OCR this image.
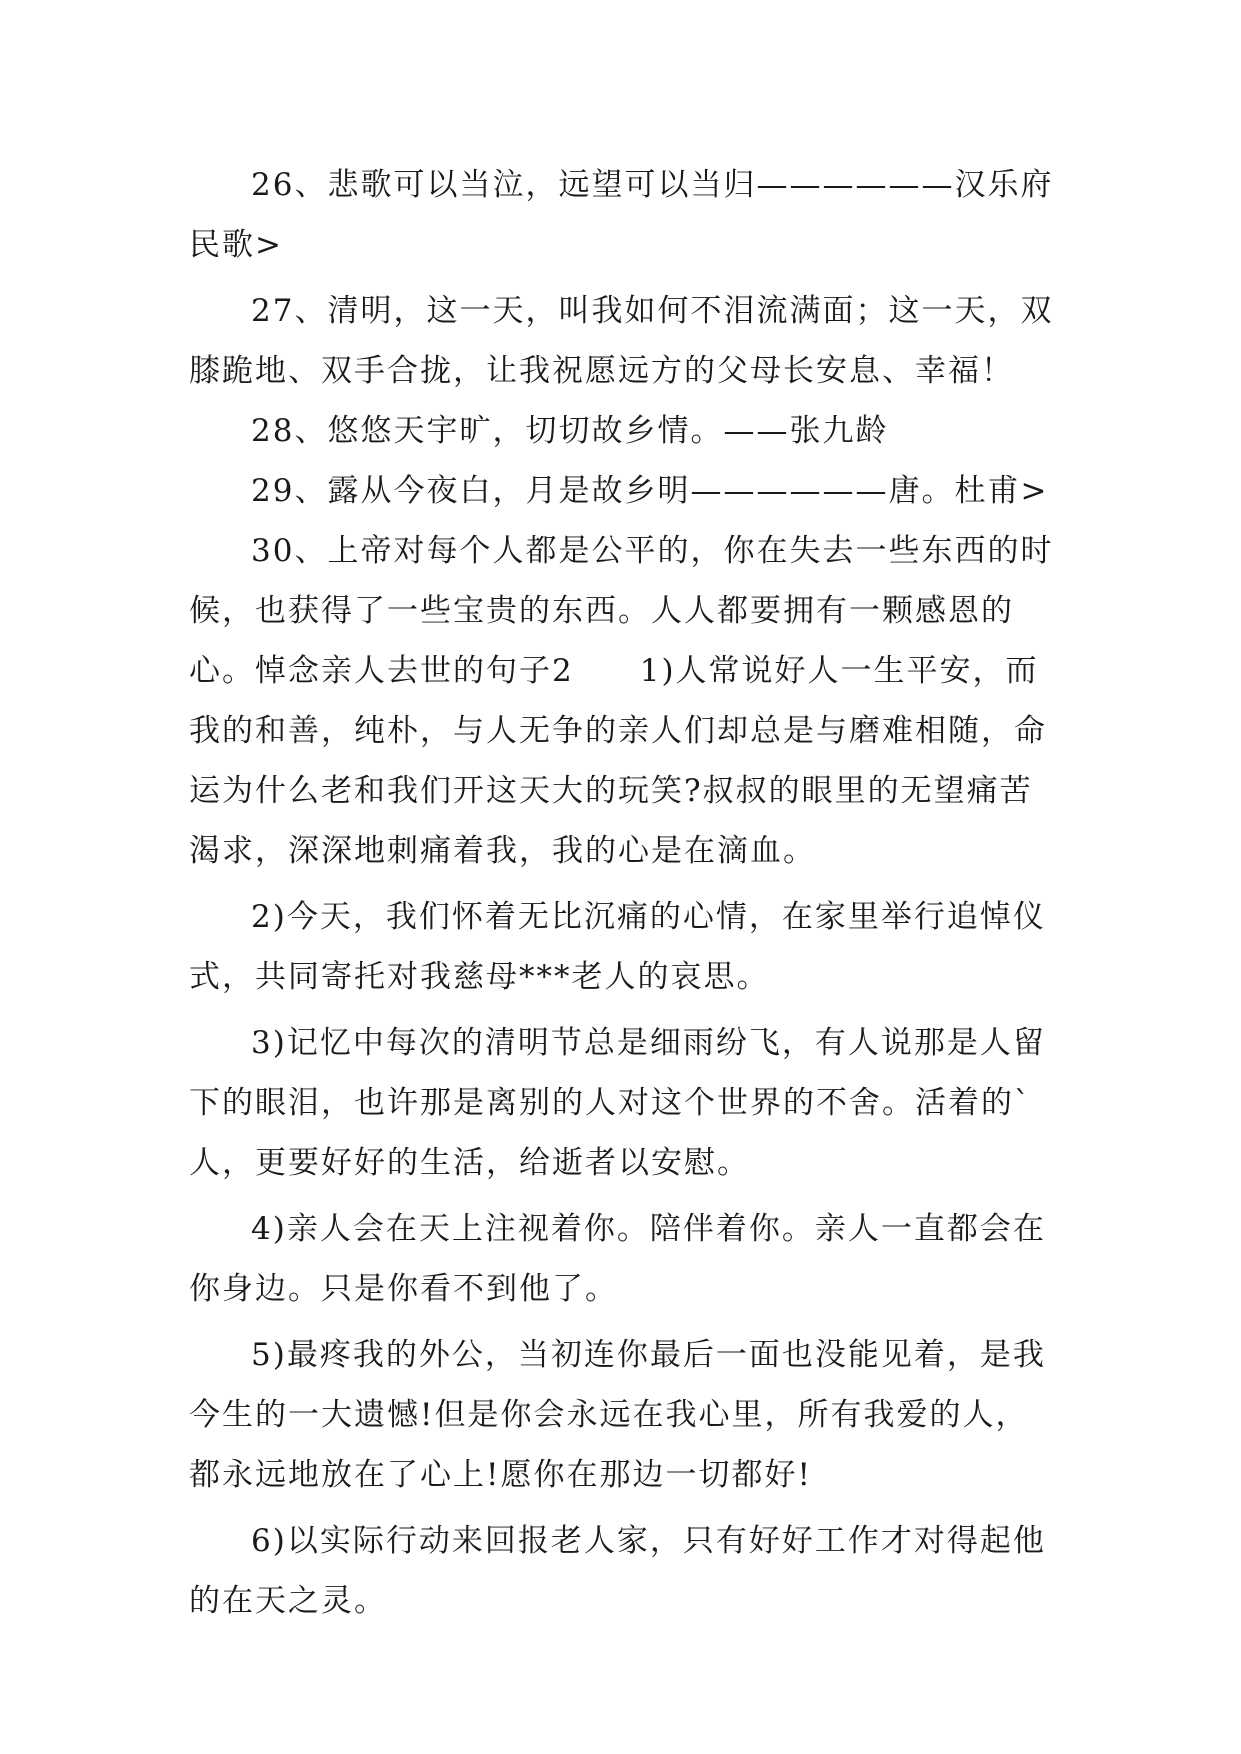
26、悲歌可以当泣，远望可以当归——————汉乐府民歌>

27、清明，这一天，叫我如何不泪流满面；这一天，双膝跪地、双手合拢，让我祝愿远方的父母长安息、幸福！

28、悠悠天宇旷，切切故乡情。——张九龄

29、露从今夜白，月是故乡明——————唐。杜甫>

30、上帝对每个人都是公平的，你在失去一些东西的时候，也获得了一些宝贵的东西。人人都要拥有一颗感恩的心。悼念亲人去世的句子2　　1)人常说好人一生平安，而我的和善，纯朴，与人无争的亲人们却总是与磨难相随，命运为什么老和我们开这天大的玩笑?叔叔的眼里的无望痛苦渴求，深深地刺痛着我，我的心是在滴血。

2)今天，我们怀着无比沉痛的心情，在家里举行追悼仪式，共同寄托对我慈母***老人的哀思。

3)记忆中每次的清明节总是细雨纷飞，有人说那是人留下的眼泪，也许那是离别的人对这个世界的不舍。活着的`人，更要好好的生活，给逝者以安慰。

4)亲人会在天上注视着你。陪伴着你。亲人一直都会在你身边。只是你看不到他了。

5)最疼我的外公，当初连你最后一面也没能见着，是我今生的一大遗憾!但是你会永远在我心里，所有我爱的人，都永远地放在了心上!愿你在那边一切都好!

6)以实际行动来回报老人家，只有好好工作才对得起他的在天之灵。
